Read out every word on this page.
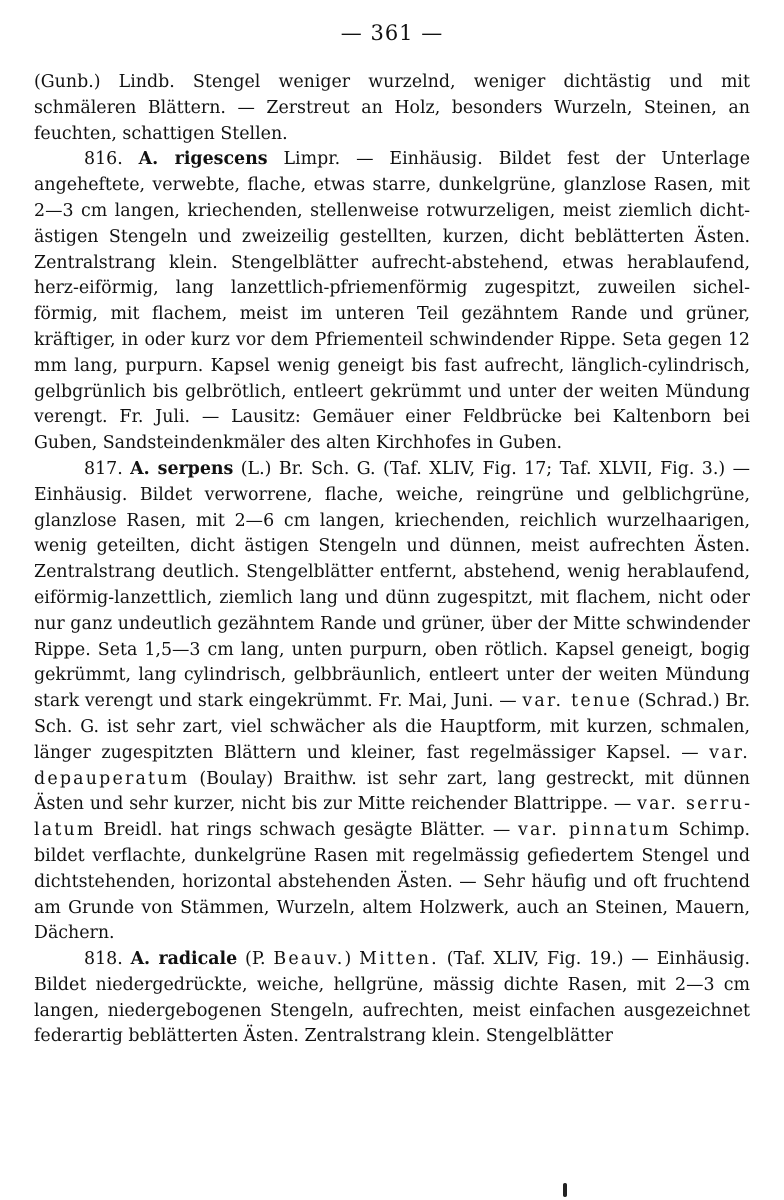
— 361 —

(Gunb.) Lindb. Stengel weniger wurzelnd, weniger dichtästig und mit schmäleren Blättern. — Zerstreut an Holz, besonders Wurzeln, Steinen, an feuchten, schattigen Stellen.

816. A. rigescens Limpr. — Einhäusig. Bildet fest der Unterlage angeheftete, verwebte, flache, etwas starre, dunkelgrüne, glanzlose Rasen, mit 2—3 cm langen, kriechenden, stellenweise rotwurzeligen, meist ziemlich dichtästigen Stengeln und zweizeilig gestellten, kurzen, dicht beblätterten Ästen. Zentralstrang klein. Stengelblätter aufrecht-abstehend, etwas herablaufend, herz-eiförmig, lang lanzettlich-pfriemenförmig zugespitzt, zuweilen sichelförmig, mit flachem, meist im unteren Teil gezähntem Rande und grüner, kräftiger, in oder kurz vor dem Pfriementeil schwindender Rippe. Seta gegen 12 mm lang, purpurn. Kapsel wenig geneigt bis fast aufrecht, länglich-cylindrisch, gelbgrünlich bis gelbrötlich, entleert gekrümmt und unter der weiten Mündung verengt. Fr. Juli. — Lausitz: Gemäuer einer Feldbrücke bei Kaltenborn bei Guben, Sandsteindenkmäler des alten Kirchhofes in Guben.

817. A. serpens (L.) Br. Sch. G. (Taf. XLIV, Fig. 17; Taf. XLVII, Fig. 3.) — Einhäusig. Bildet verworrene, flache, weiche, reingrüne und gelblichgrüne, glanzlose Rasen, mit 2—6 cm langen, kriechenden, reichlich wurzelhaarigen, wenig geteilten, dicht ästigen Stengeln und dünnen, meist aufrechten Ästen. Zentralstrang deutlich. Stengelblätter entfernt, abstehend, wenig herablaufend, eiförmig-lanzettlich, ziemlich lang und dünn zugespitzt, mit flachem, nicht oder nur ganz undeutlich gezähntem Rande und grüner, über der Mitte schwindender Rippe. Seta 1,5—3 cm lang, unten purpurn, oben rötlich. Kapsel geneigt, bogig gekrümmt, lang cylindrisch, gelbbräunlich, entleert unter der weiten Mündung stark verengt und stark eingekrümmt. Fr. Mai, Juni. — var. tenue (Schrad.) Br. Sch. G. ist sehr zart, viel schwächer als die Hauptform, mit kurzen, schmalen, länger zugespitzten Blättern und kleiner, fast regelmässiger Kapsel. — var. depauperatum (Boulay) Braithw. ist sehr zart, lang gestreckt, mit dünnen Ästen und sehr kurzer, nicht bis zur Mitte reichender Blattrippe. — var. serrulatum Breidl. hat rings schwach gesägte Blätter. — var. pinnatum Schimp. bildet verflachte, dunkelgrüne Rasen mit regelmässig gefiedertem Stengel und dichtstehenden, horizontal abstehenden Ästen. — Sehr häufig und oft fruchtend am Grunde von Stämmen, Wurzeln, altem Holzwerk, auch an Steinen, Mauern, Dächern.

818. A. radicale (P. Beauv.) Mitten. (Taf. XLIV, Fig. 19.) — Einhäusig. Bildet niedergedrückte, weiche, hellgrüne, mässig dichte Rasen, mit 2—3 cm langen, niedergebogenen Stengeln, aufrechten, meist einfachen ausgezeichnet federartig beblätterten Ästen. Zentralstrang klein. Stengelblätter
